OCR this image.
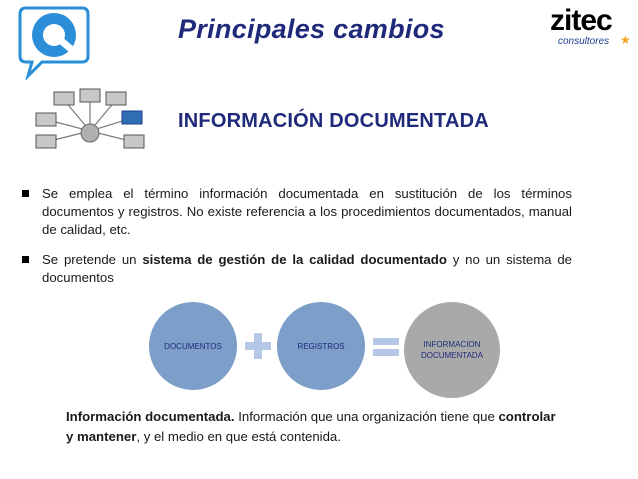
Principales cambios	zitec
consultores ★
INFORMACIÓN DOCUMENTADA
Se emplea el término información documentada en sustitución de los términos documentos y registros. No existe referencia a los procedimientos documentados, manual de calidad, etc.
Se pretende un sistema de gestión de la calidad documentado y no un sistema de documentos
DOCUMENTOS	REGISTROS	INFORMACION
DOCUMENTADA
Información documentada. Información que una organización tiene que controlar
y mantener, y el medio en que está contenida.
